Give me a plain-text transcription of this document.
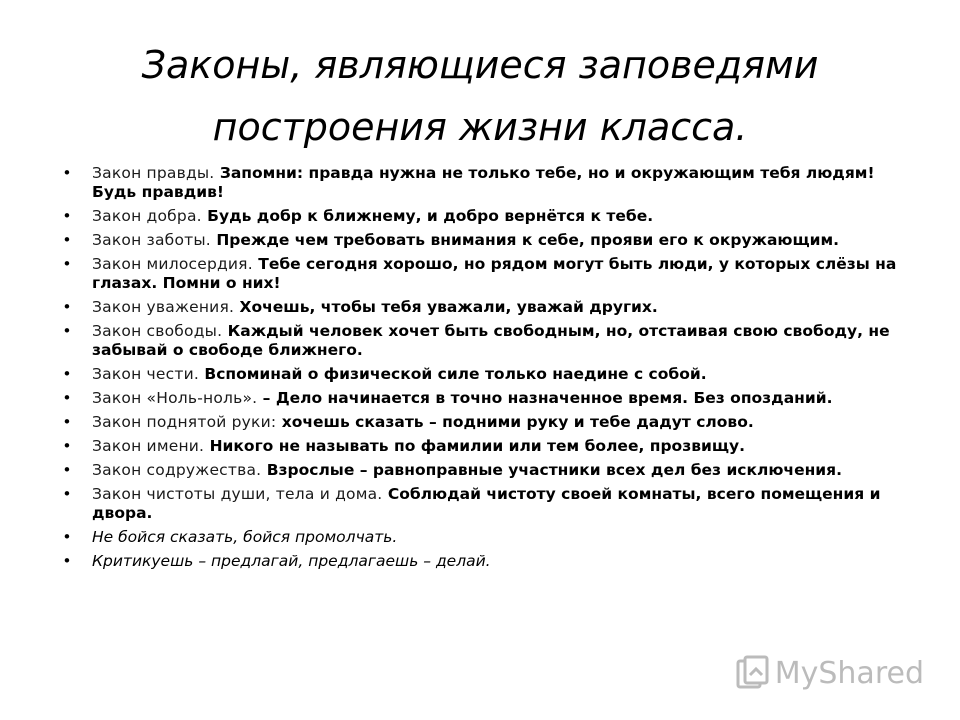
Законы, являющиеся заповедями построения жизни класса.
• Закон правды. Запомни: правда нужна не только тебе, но и окружающим тебя людям! Будь правдив!
• Закон добра. Будь добр к ближнему, и добро вернётся к тебе.
• Закон заботы. Прежде чем требовать внимания к себе, прояви его к окружающим.
• Закон милосердия. Тебе сегодня хорошо, но рядом могут быть люди, у которых слёзы на глазах. Помни о них!
• Закон уважения. Хочешь, чтобы тебя уважали, уважай других.
• Закон свободы. Каждый человек хочет быть свободным, но, отстаивая свою свободу, не забывай о свободе ближнего.
• Закон чести. Вспоминай о физической силе только наедине с собой.
• Закон «Ноль-ноль». – Дело начинается в точно назначенное время. Без опозданий.
• Закон поднятой руки: хочешь сказать – подними руку и тебе дадут слово.
• Закон имени. Никого не называть по фамилии или тем более, прозвищу.
• Закон содружества. Взрослые – равноправные участники всех дел без исключения.
• Закон чистоты души, тела и дома. Соблюдай чистоту своей комнаты, всего помещения и двора.
• Не бойся сказать, бойся промолчать.
• Критикуешь – предлагай, предлагаешь – делай.
MyShared
